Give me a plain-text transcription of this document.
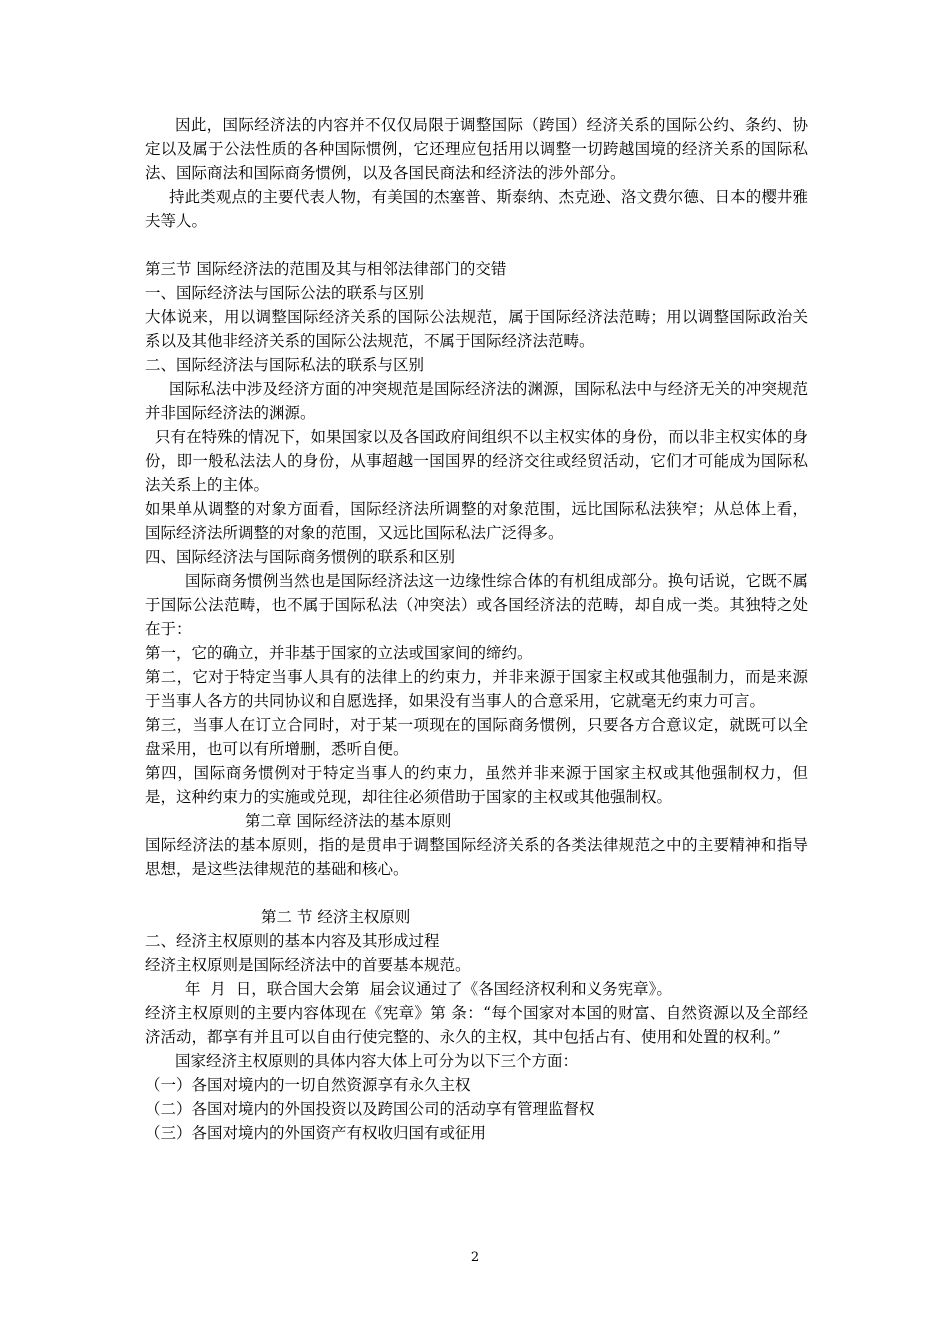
因此，国际经济法的内容并不仅仅局限于调整国际（跨国）经济关系的国际公约、条约、协定以及属于公法性质的各种国际惯例，它还理应包括用以调整一切跨越国境的经济关系的国际私法、国际商法和国际商务惯例，以及各国民商法和经济法的涉外部分。

持此类观点的主要代表人物，有美国的杰塞普、斯泰纳、杰克逊、洛文费尔德、日本的樱井雅夫等人。

第三节 国际经济法的范围及其与相邻法律部门的交错

一、国际经济法与国际公法的联系与区别

大体说来，用以调整国际经济关系的国际公法规范，属于国际经济法范畴；用以调整国际政治关系以及其他非经济关系的国际公法规范，不属于国际经济法范畴。

二、国际经济法与国际私法的联系与区别

国际私法中涉及经济方面的冲突规范是国际经济法的渊源，国际私法中与经济无关的冲突规范并非国际经济法的渊源。

只有在特殊的情况下，如果国家以及各国政府间组织不以主权实体的身份，而以非主权实体的身份，即一般私法法人的身份，从事超越一国国界的经济交往或经贸活动，它们才可能成为国际私法关系上的主体。

如果单从调整的对象方面看，国际经济法所调整的对象范围，远比国际私法狭窄；从总体上看，国际经济法所调整的对象的范围，又远比国际私法广泛得多。

四、国际经济法与国际商务惯例的联系和区别

国际商务惯例当然也是国际经济法这一边缘性综合体的有机组成部分。换句话说，它既不属于国际公法范畴，也不属于国际私法（冲突法）或各国经济法的范畴，却自成一类。其独特之处在于：

第一，它的确立，并非基于国家的立法或国家间的缔约。

第二，它对于特定当事人具有的法律上的约束力，并非来源于国家主权或其他强制力，而是来源于当事人各方的共同协议和自愿选择，如果没有当事人的合意采用，它就毫无约束力可言。

第三，当事人在订立合同时，对于某一项现在的国际商务惯例，只要各方合意议定，就既可以全盘采用，也可以有所增删，悉听自便。

第四，国际商务惯例对于特定当事人的约束力，虽然并非来源于国家主权或其他强制权力，但是，这种约束力的实施或兑现，却往往必须借助于国家的主权或其他强制权。

第二章 国际经济法的基本原则

国际经济法的基本原则，指的是贯串于调整国际经济关系的各类法律规范之中的主要精神和指导思想，是这些法律规范的基础和核心。

第二 节 经济主权原则

二、经济主权原则的基本内容及其形成过程

经济主权原则是国际经济法中的首要基本规范。

年  月  日，联合国大会第  届会议通过了《各国经济权利和义务宪章》。

经济主权原则的主要内容体现在《宪章》第 条：“每个国家对本国的财富、自然资源以及全部经济活动，都享有并且可以自由行使完整的、永久的主权，其中包括占有、使用和处置的权利。”

国家经济主权原则的具体内容大体上可分为以下三个方面：

（一）各国对境内的一切自然资源享有永久主权

（二）各国对境内的外国投资以及跨国公司的活动享有管理监督权

（三）各国对境内的外国资产有权收归国有或征用

2
